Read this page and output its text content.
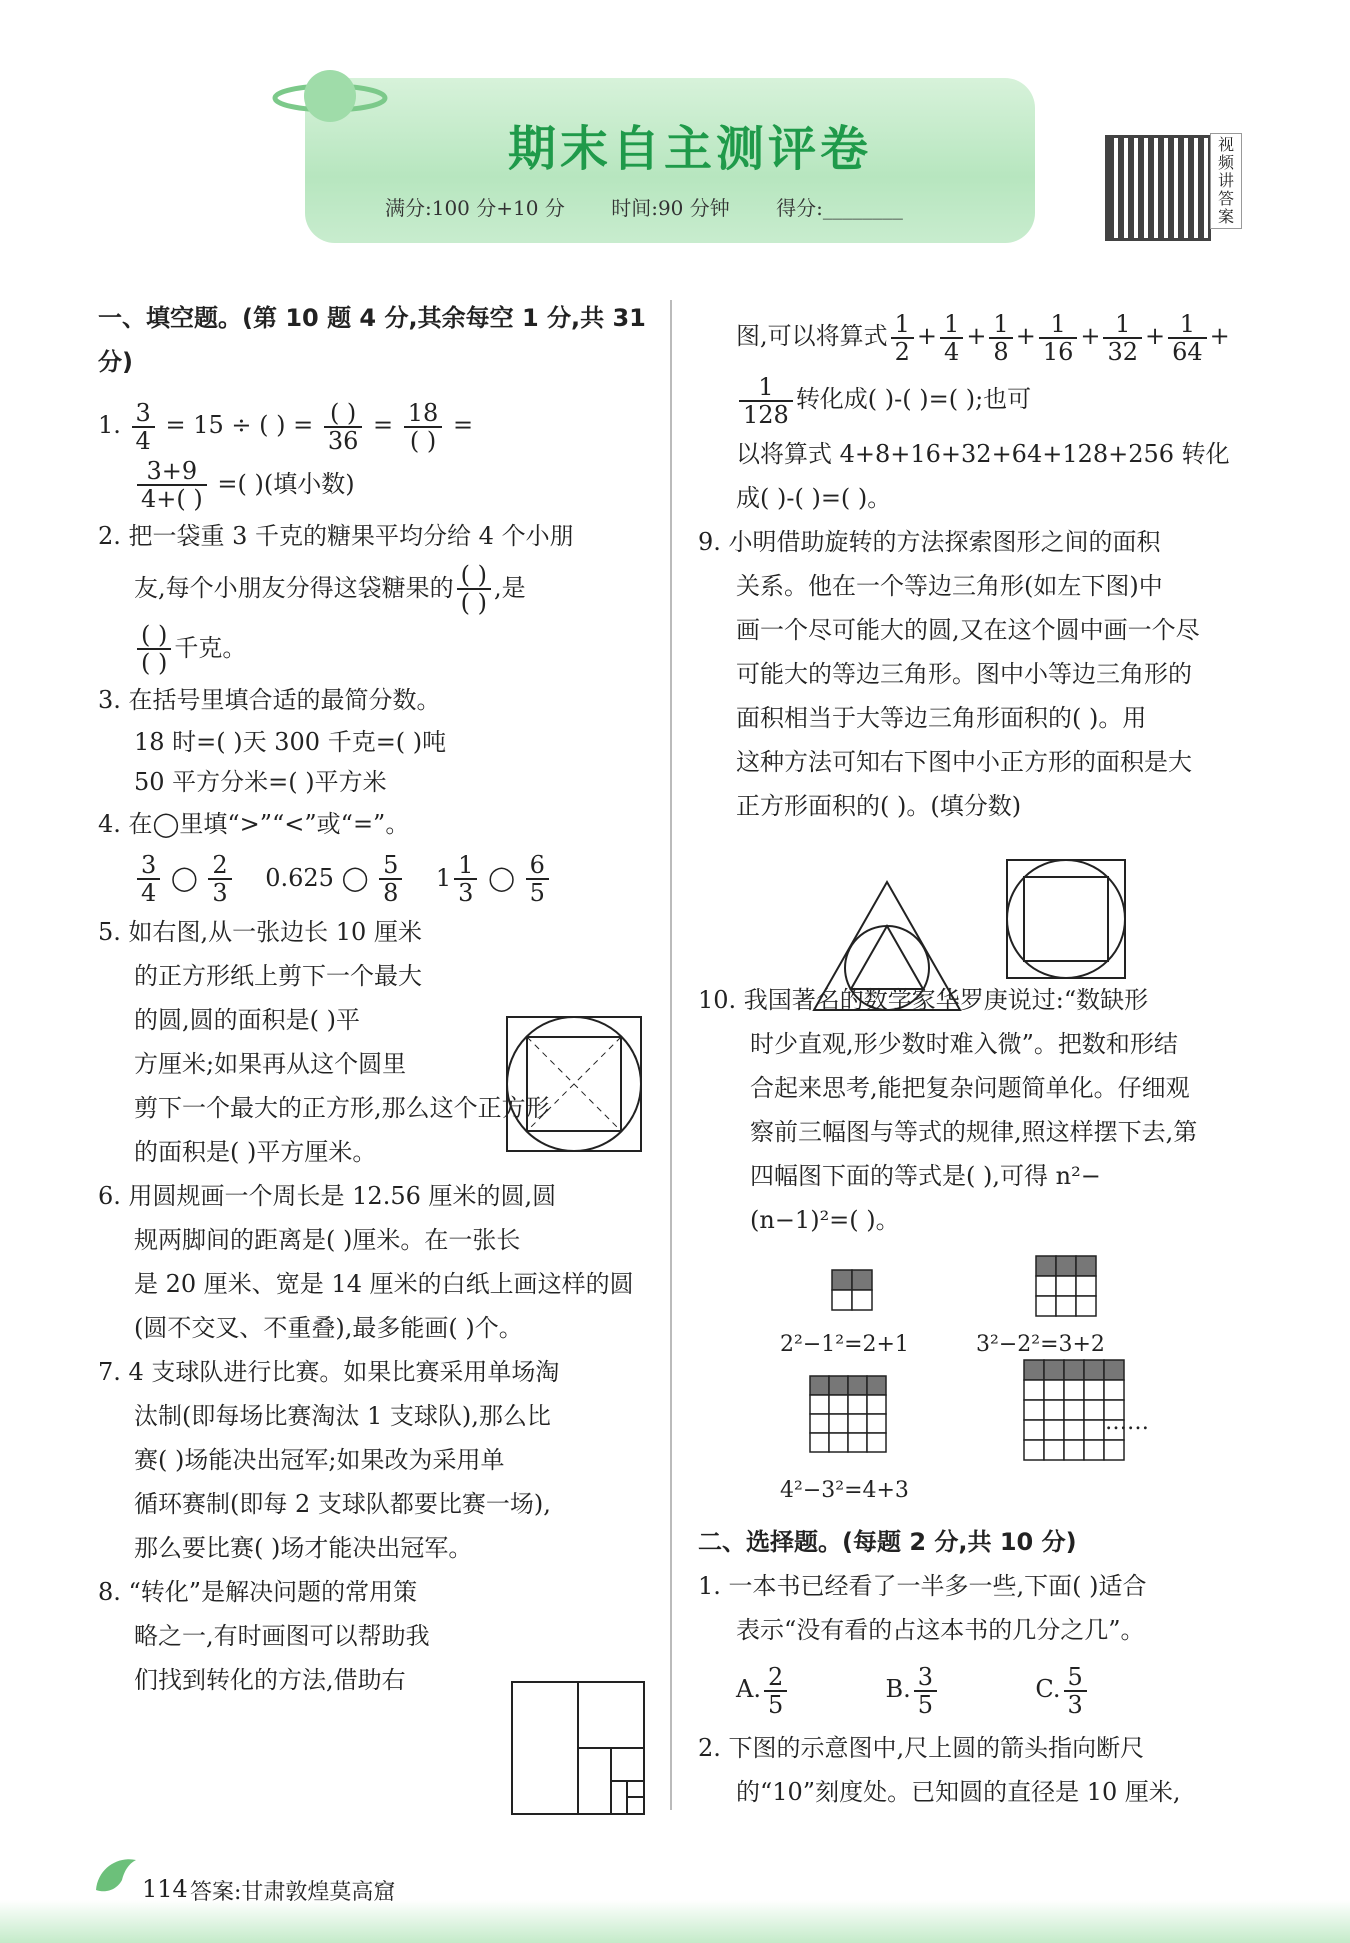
期末自主测评卷
满分:100 分+10 分 时间:90 分钟 得分:________
视频讲答案

一、填空题。(第 10 题 4 分,其余每空 1 分,共 31 分)

1. $\frac{3}{4} = 15$ ÷ ( ) = $\frac{( )}{36} = \frac{18}{( )}$ =

$\frac{3+9}{4+( )}$ =( )(填小数)

2. 把一袋重 3 千克的糖果平均分给 4 个小朋

友,每个小朋友分得这袋糖果的 $\frac{( )}{( )}$ ,是

$\frac{( )}{( )}$ 千克。

3. 在括号里填合适的最简分数。

18 时=( )天 300 千克=( )吨

50 平方分米=( )平方米

4. 在◯里填“>”“<”或“=”。

$\frac{3}{4}$ ◯ $\frac{2}{3} 0.625$ ◯ $\frac{5}{8} 1 \frac{1}{3}$ ◯ $\frac{6}{5}$

5. 如右图,从一张边长 10 厘米

的正方形纸上剪下一个最大

的圆,圆的面积是( )平

方厘米;如果再从这个圆里

剪下一个最大的正方形,那么这个正方形

的面积是( )平方厘米。

6. 用圆规画一个周长是 12.56 厘米的圆,圆

规两脚间的距离是( )厘米。在一张长

是 20 厘米、宽是 14 厘米的白纸上画这样的圆

(圆不交叉、不重叠),最多能画( )个。

7. 4 支球队进行比赛。如果比赛采用单场淘

汰制(即每场比赛淘汰 1 支球队),那么比

赛( )场能决出冠军;如果改为采用单

循环赛制(即每 2 支球队都要比赛一场),

那么要比赛( )场才能决出冠军。

8. “转化”是解决问题的常用策

略之一,有时画图可以帮助我

们找到转化的方法,借助右

图,可以将算式 $\frac{1}{2} + \frac{1}{4} + \frac{1}{8} + \frac{1}{16} + \frac{1}{32} + \frac{1}{64}$ +

$\frac{1}{128}$ 转化成( )-( )=( );也可

以将算式 4+8+16+32+64+128+256 转化

成( )-( )=( )。

9. 小明借助旋转的方法探索图形之间的面积

关系。他在一个等边三角形(如左下图)中

画一个尽可能大的圆,又在这个圆中画一个尽

可能大的等边三角形。图中小等边三角形的

面积相当于大等边三角形面积的( )。用

这种方法可知右下图中小正方形的面积是大

正方形面积的( )。(填分数)

10. 我国著名的数学家华罗庚说过:“数缺形

时少直观,形少数时难入微”。把数和形结

合起来思考,能把复杂问题简单化。仔细观

察前三幅图与等式的规律,照这样摆下去,第

四幅图下面的等式是( ),可得 n²−

(n−1)²=( )。

2²−1²=2+1	3²−2²=3+2
4²−3²=4+3
……

二、选择题。(每题 2 分,共 10 分)

1. 一本书已经看了一半多一些,下面( )适合

表示“没有看的占这本书的几分之几”。

A. $\frac{2}{5}$	B. $\frac{3}{5}$	C. $\frac{5}{3}$

2. 下图的示意图中,尺上圆的箭头指向断尺

的“10”刻度处。已知圆的直径是 10 厘米,

114 答案:甘肃敦煌莫高窟
